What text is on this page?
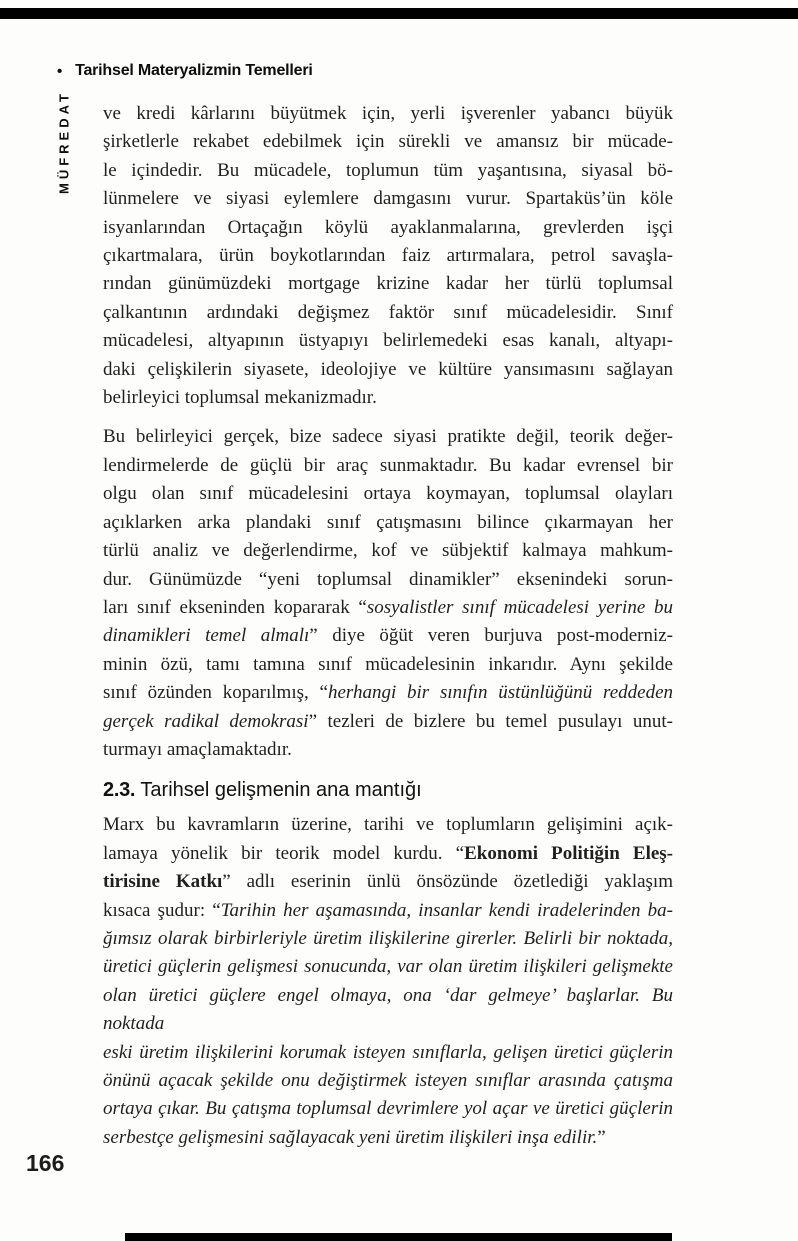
• Tarihsel Materyalizmin Temelleri
MÜFREDAT ve kredi kârlarını büyütmek için, yerli işverenler yabancı büyük
şirketlerle rekabet edebilmek için sürekli ve amansız bir mücade-
le içindedir. Bu mücadele, toplumun tüm yaşantısına, siyasal bö-
lünmelere ve siyasi eylemlere damgasını vurur. Spartaküs’ün köle
isyanlarından Ortaçağın köylü ayaklanmalarına, grevlerden işçi
çıkartmalara, ürün boykotlarından faiz artırmalara, petrol savaşla-
rından günümüzdeki mortgage krizine kadar her türlü toplumsal
çalkantının ardındaki değişmez faktör sınıf mücadelesidir. Sınıf
mücadelesi, altyapının üstyapıyı belirlemedeki esas kanalı, altyapı-
daki çelişkilerin siyasete, ideolojiye ve kültüre yansımasını sağlayan
belirleyici toplumsal mekanizmadır.
Bu belirleyici gerçek, bize sadece siyasi pratikte değil, teorik değer-
lendirmelerde de güçlü bir araç sunmaktadır. Bu kadar evrensel bir
olgu olan sınıf mücadelesini ortaya koymayan, toplumsal olayları
açıklarken arka plandaki sınıf çatışmasını bilince çıkarmayan her
türlü analiz ve değerlendirme, kof ve sübjektif kalmaya mahkum-
dur. Günümüzde “yeni toplumsal dinamikler” eksenindeki sorun-
ları sınıf ekseninden kopararak “sosyalistler sınıf mücadelesi yerine bu
dinamikleri temel almalı” diye öğüt veren burjuva post-moderniz-
minin özü, tamı tamına sınıf mücadelesinin inkarıdır. Aynı şekilde
sınıf özünden koparılmış, “herhangi bir sınıfın üstünlüğünü reddeden
gerçek radikal demokrasi” tezleri de bizlere bu temel pusulayı unut-
turmayı amaçlamaktadır.
2.3. Tarihsel gelişmenin ana mantığı
Marx bu kavramların üzerine, tarihi ve toplumların gelişimini açık-
lamaya yönelik bir teorik model kurdu. “Ekonomi Politiğin Eleş-
tirisine Katkı” adlı eserinin ünlü önsözünde özetlediği yaklaşım
kısaca şudur: “Tarihin her aşamasında, insanlar kendi iradelerinden ba-
ğımsız olarak birbirleriyle üretim ilişkilerine girerler. Belirli bir noktada,
üretici güçlerin gelişmesi sonucunda, var olan üretim ilişkileri gelişmekte
olan üretici güçlere engel olmaya, ona ‘dar gelmeye’ başlarlar. Bu noktada
eski üretim ilişkilerini korumak isteyen sınıflarla, gelişen üretici güçlerin
önünü açacak şekilde onu değiştirmek isteyen sınıflar arasında çatışma
ortaya çıkar. Bu çatışma toplumsal devrimlere yol açar ve üretici güçlerin
serbestçe gelişmesini sağlayacak yeni üretim ilişkileri inşa edilir.”
166
